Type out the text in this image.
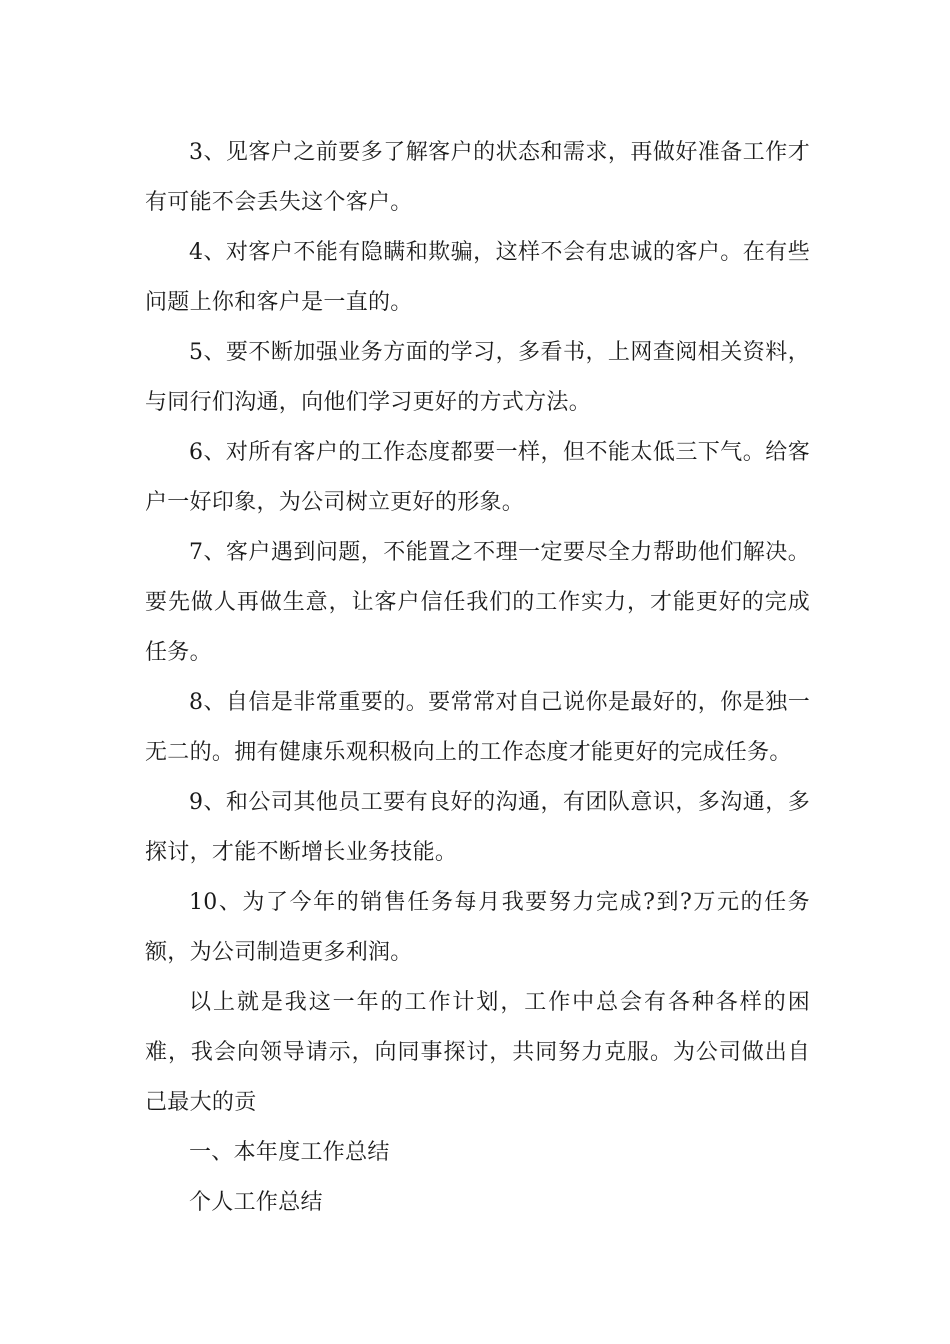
3、见客户之前要多了解客户的状态和需求，再做好准备工作才有可能不会丢失这个客户。

4、对客户不能有隐瞒和欺骗，这样不会有忠诚的客户。在有些问题上你和客户是一直的。

5、要不断加强业务方面的学习，多看书，上网查阅相关资料，与同行们沟通，向他们学习更好的方式方法。

6、对所有客户的工作态度都要一样，但不能太低三下气。给客户一好印象，为公司树立更好的形象。

7、客户遇到问题，不能置之不理一定要尽全力帮助他们解决。要先做人再做生意，让客户信任我们的工作实力，才能更好的完成任务。

8、自信是非常重要的。要常常对自己说你是最好的，你是独一无二的。拥有健康乐观积极向上的工作态度才能更好的完成任务。

9、和公司其他员工要有良好的沟通，有团队意识，多沟通，多探讨，才能不断增长业务技能。

10、为了今年的销售任务每月我要努力完成?到?万元的任务额，为公司制造更多利润。

以上就是我这一年的工作计划，工作中总会有各种各样的困难，我会向领导请示，向同事探讨，共同努力克服。为公司做出自己最大的贡

一、本年度工作总结

个人工作总结
